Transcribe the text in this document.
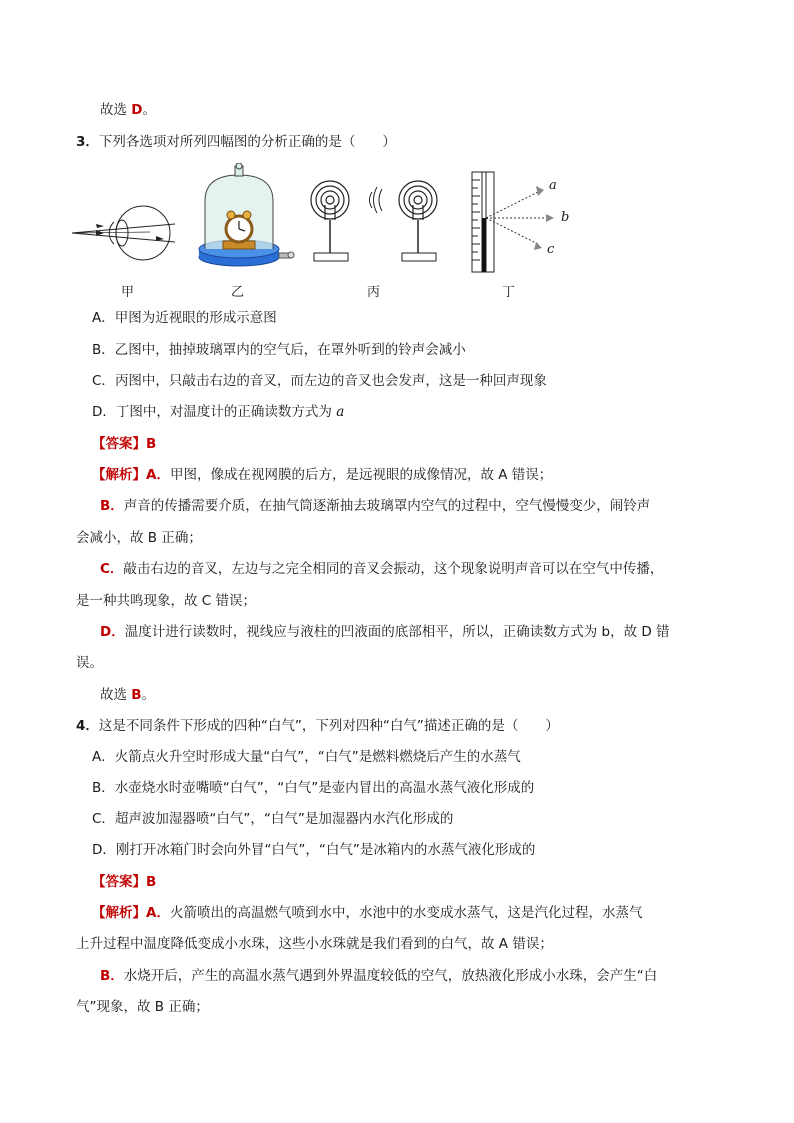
故选 D。
3．下列各选项对所列四幅图的分析正确的是（　　）
甲	乙	丙
a
b
c
丁
A．甲图为近视眼的形成示意图
B．乙图中，抽掉玻璃罩内的空气后，在罩外听到的铃声会减小
C．丙图中，只敲击右边的音叉，而左边的音叉也会发声，这是一种回声现象
D．丁图中，对温度计的正确读数方式为 a
【答案】B
【解析】A．甲图，像成在视网膜的后方，是远视眼的成像情况，故 A 错误；
B．声音的传播需要介质，在抽气筒逐渐抽去玻璃罩内空气的过程中，空气慢慢变少，闹铃声
会减小，故 B 正确；
C．敲击右边的音叉，左边与之完全相同的音叉会振动，这个现象说明声音可以在空气中传播，
是一种共鸣现象，故 C 错误；
D．温度计进行读数时，视线应与液柱的凹液面的底部相平，所以，正确读数方式为 b，故 D 错
误。
故选 B。
4．这是不同条件下形成的四种“白气”，下列对四种“白气”描述正确的是（　　）
A．火箭点火升空时形成大量“白气”，“白气”是燃料燃烧后产生的水蒸气
B．水壶烧水时壶嘴喷“白气”，“白气”是壶内冒出的高温水蒸气液化形成的
C．超声波加湿器喷“白气”，“白气”是加湿器内水汽化形成的
D．刚打开冰箱门时会向外冒“白气”，“白气”是冰箱内的水蒸气液化形成的
【答案】B
【解析】A．火箭喷出的高温燃气喷到水中，水池中的水变成水蒸气，这是汽化过程，水蒸气
上升过程中温度降低变成小水珠，这些小水珠就是我们看到的白气，故 A 错误；
B．水烧开后，产生的高温水蒸气遇到外界温度较低的空气，放热液化形成小水珠，会产生“白
气”现象，故 B 正确；
